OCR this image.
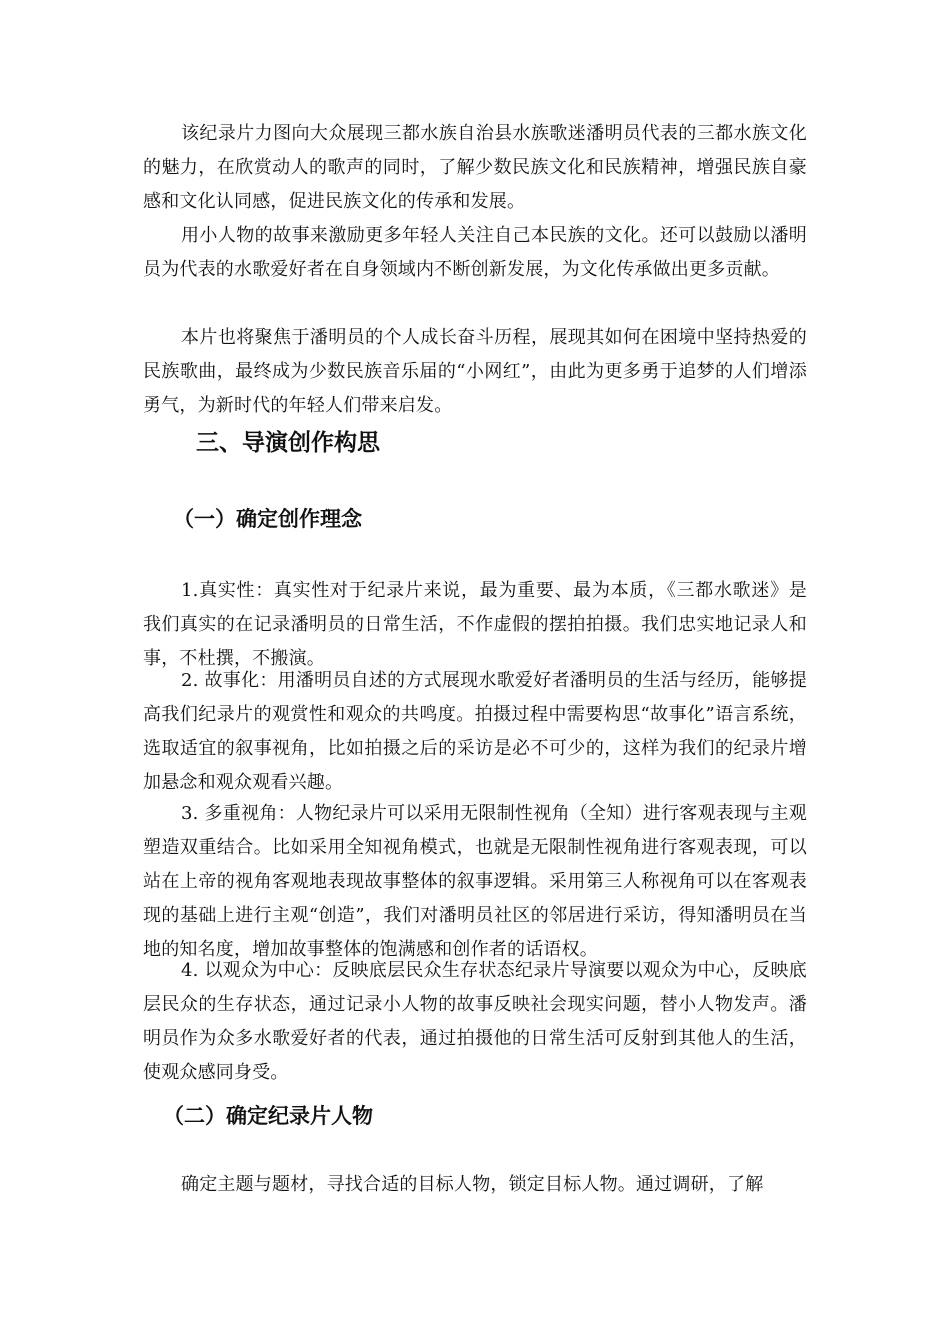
该纪录片力图向大众展现三都水族自治县水族歌迷潘明员代表的三都水族文化的魅力，在欣赏动人的歌声的同时，了解少数民族文化和民族精神，增强民族自豪感和文化认同感，促进民族文化的传承和发展。

用小人物的故事来激励更多年轻人关注自己本民族的文化。还可以鼓励以潘明员为代表的水歌爱好者在自身领域内不断创新发展，为文化传承做出更多贡献。

本片也将聚焦于潘明员的个人成长奋斗历程，展现其如何在困境中坚持热爱的民族歌曲，最终成为少数民族音乐届的“小网红”，由此为更多勇于追梦的人们增添勇气，为新时代的年轻人们带来启发。

三、导演创作构思
（一）确定创作理念

1.真实性：真实性对于纪录片来说，最为重要、最为本质，《三都水歌迷》是我们真实的在记录潘明员的日常生活，不作虚假的摆拍拍摄。我们忠实地记录人和事，不杜撰，不搬演。

2. 故事化：用潘明员自述的方式展现水歌爱好者潘明员的生活与经历，能够提高我们纪录片的观赏性和观众的共鸣度。拍摄过程中需要构思“故事化”语言系统，选取适宜的叙事视角，比如拍摄之后的采访是必不可少的，这样为我们的纪录片增加悬念和观众观看兴趣。

3. 多重视角：人物纪录片可以采用无限制性视角（全知）进行客观表现与主观塑造双重结合。比如采用全知视角模式，也就是无限制性视角进行客观表现，可以站在上帝的视角客观地表现故事整体的叙事逻辑。采用第三人称视角可以在客观表现的基础上进行主观“创造”，我们对潘明员社区的邻居进行采访，得知潘明员在当地的知名度，增加故事整体的饱满感和创作者的话语权。

4. 以观众为中心：反映底层民众生存状态纪录片导演要以观众为中心，反映底层民众的生存状态，通过记录小人物的故事反映社会现实问题，替小人物发声。潘明员作为众多水歌爱好者的代表，通过拍摄他的日常生活可反射到其他人的生活，使观众感同身受。

（二）确定纪录片人物

确定主题与题材，寻找合适的目标人物，锁定目标人物。通过调研，了解
